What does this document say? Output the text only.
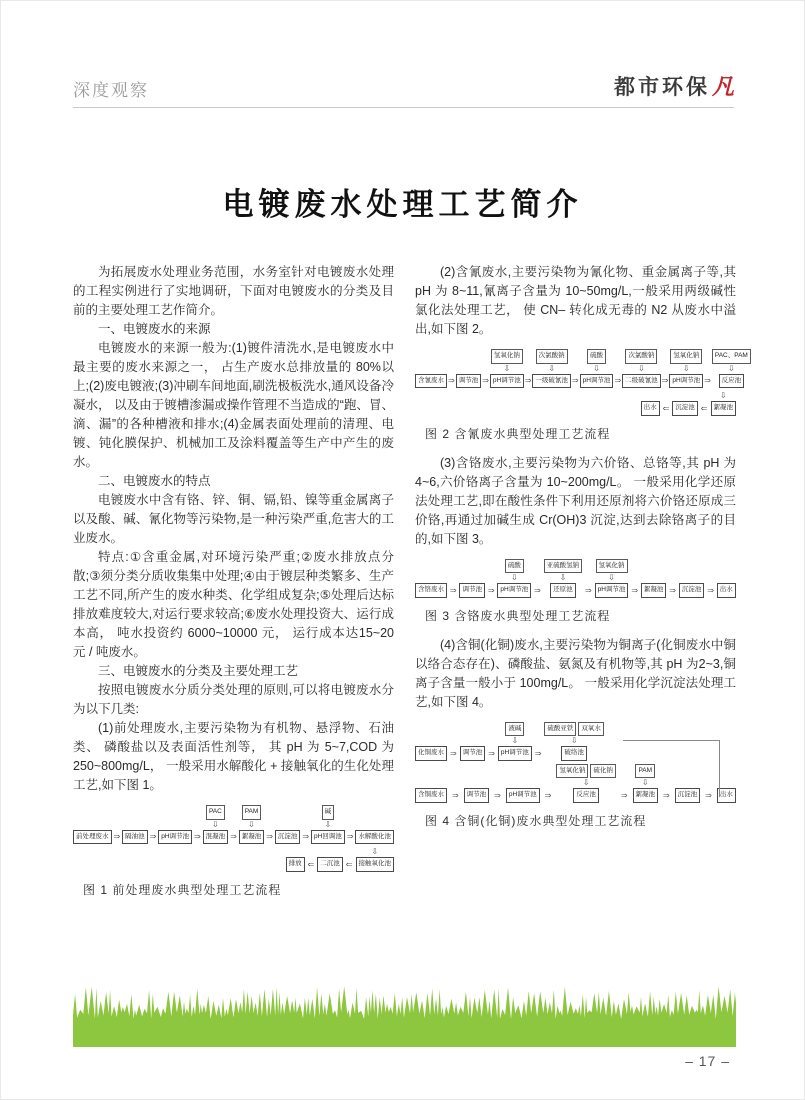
深度观察	都市环保 凡
电镀废水处理工艺简介

为拓展废水处理业务范围，水务室针对电镀废水处理的工程实例进行了实地调研，下面对电镀废水的分类及目前的主要处理工艺作简介。

一、电镀废水的来源

电镀废水的来源一般为:(1)镀件清洗水,是电镀废水中最主要的废水来源之一， 占生产废水总排放量的 80%以上;(2)废电镀液;(3)冲刷车间地面,刷洗极板洗水,通风设备冷凝水， 以及由于镀槽渗漏或操作管理不当造成的“跑、冒、滴、漏”的各种槽液和排水;(4)金属表面处理前的清理、电镀、钝化膜保护、机械加工及涂料覆盖等生产中产生的废水。

二、电镀废水的特点

电镀废水中含有铬、锌、铜、镉,铅、镍等重金属离子以及酸、碱、氰化物等污染物,是一种污染严重,危害大的工业废水。

特点:①含重金属,对环境污染严重;②废水排放点分散;③须分类分质收集集中处理;④由于镀层种类繁多、生产工艺不同,所产生的废水种类、化学组成复杂;⑤处理后达标排放难度较大,对运行要求较高;⑥废水处理投资大、运行成本高， 吨水投资约 6000~10000 元， 运行成本达15~20 元 / 吨废水。

三、电镀废水的分类及主要处理工艺

按照电镀废水分质分类处理的原则,可以将电镀废水分为以下几类:

(1)前处理废水,主要污染物为有机物、悬浮物、石油类、 磷酸盐以及表面活性剂等， 其 pH 为 5~7,COD 为250~800mg/L， 一般采用水解酸化 + 接触氧化的生化处理工艺,如下图 1。

前处理废水 ⇒ 隔油池 ⇒ pH调节池 ⇒
PAC
⇩
混凝池 ⇒
PAM
⇩
絮凝池 ⇒ 沉淀池 ⇒
碱
⇩
pH回调池 ⇒ 水解酸化池
排放 ⇐ 二沉池 ⇐
⇩
接触氧化池
图 1 前处理废水典型处理工艺流程

(2)含氰废水,主要污染物为氰化物、重金属离子等,其 pH 为 8~11,氰离子含量为 10~50mg/L,一般采用两级碱性氯化法处理工艺， 使 CN– 转化成无毒的 N2 从废水中溢出,如下图 2。

含氰废水 ⇒ 调节池 ⇒
氢氧化钠
⇩
pH调节池 ⇒
次氯酸钠
⇩
一级破氰池 ⇒
硫酸
⇩
pH调节池 ⇒
次氯酸钠
⇩
二级破氰池 ⇒
氢氧化钠
⇩
pH调节池 ⇒
PAC、PAM
⇩
反应池
出水 ⇐ 沉淀池 ⇐
⇩
絮凝池
图 2 含氰废水典型处理工艺流程

(3)含铬废水,主要污染物为六价铬、总铬等,其 pH 为 4~6,六价铬离子含量为 10~200mg/L。 一般采用化学还原法处理工艺,即在酸性条件下利用还原剂将六价铬还原成三价铬,再通过加碱生成 Cr(OH)3 沉淀,达到去除铬离子的目的,如下图 3。

含铬废水 ⇒ 调节池 ⇒
硫酸
⇩
pH调节池 ⇒
亚硫酸氢钠
⇩
还原池	⇒
氢氧化钠
⇩
pH调节池 ⇒ 絮凝池 ⇒ 沉淀池 ⇒ 出水
图 3 含铬废水典型处理工艺流程

(4)含铜(化铜)废水,主要污染物为铜离子(化铜废水中铜以络合态存在)、磷酸盐、氨氮及有机物等,其 pH 为2~3,铜离子含量一般小于 100mg/L。 一般采用化学沉淀法处理工艺,如下图 4。

化铜废水 ⇒ 调节池 ⇒
液碱
⇩
pH调节池 ⇒
硫酸亚铁	双氧水
⇩
破络池
含铜废水 ⇒	调节池 ⇒	pH调节池 ⇒
氢氧化钠	硫化钠
⇩
反应池	⇒
PAM
⇩
絮凝池 ⇒	沉淀池 ⇒	出水
图 4 含铜(化铜)废水典型处理工艺流程
– 17 –
